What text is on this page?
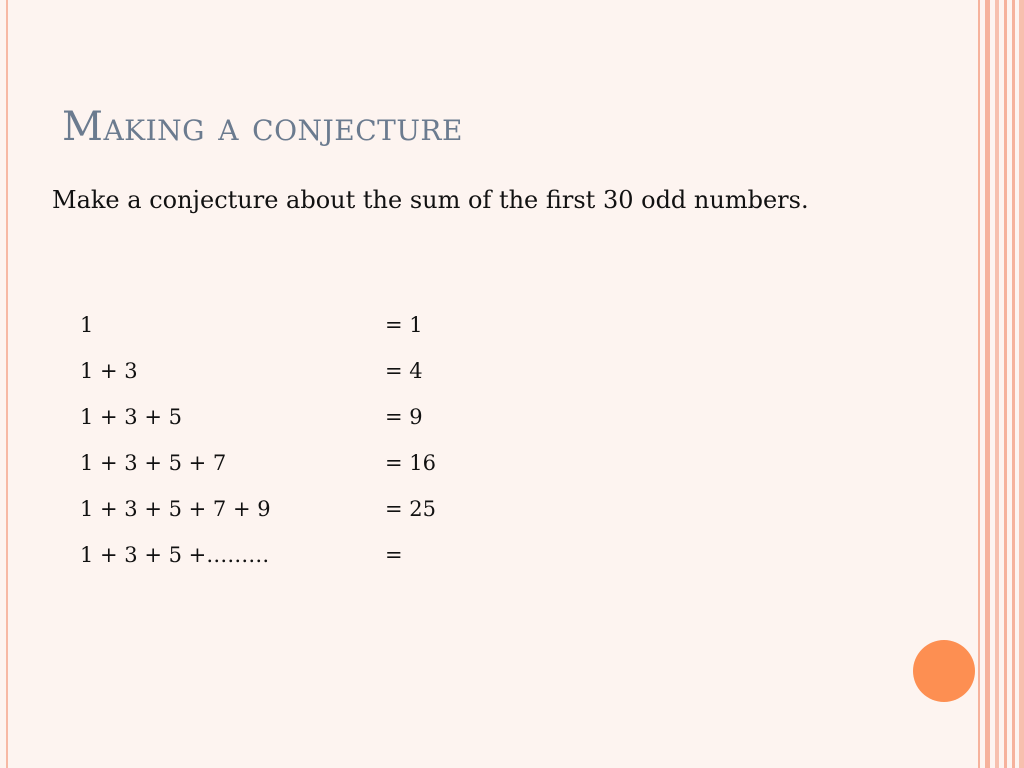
Making a conjecture
Make a conjecture about the sum of the first 30 odd numbers.
1	= 1
1 + 3	= 4
1 + 3 + 5	= 9
1 + 3 + 5 + 7	= 16
1 + 3 + 5 + 7 + 9	= 25
1 + 3 + 5 +………	=
